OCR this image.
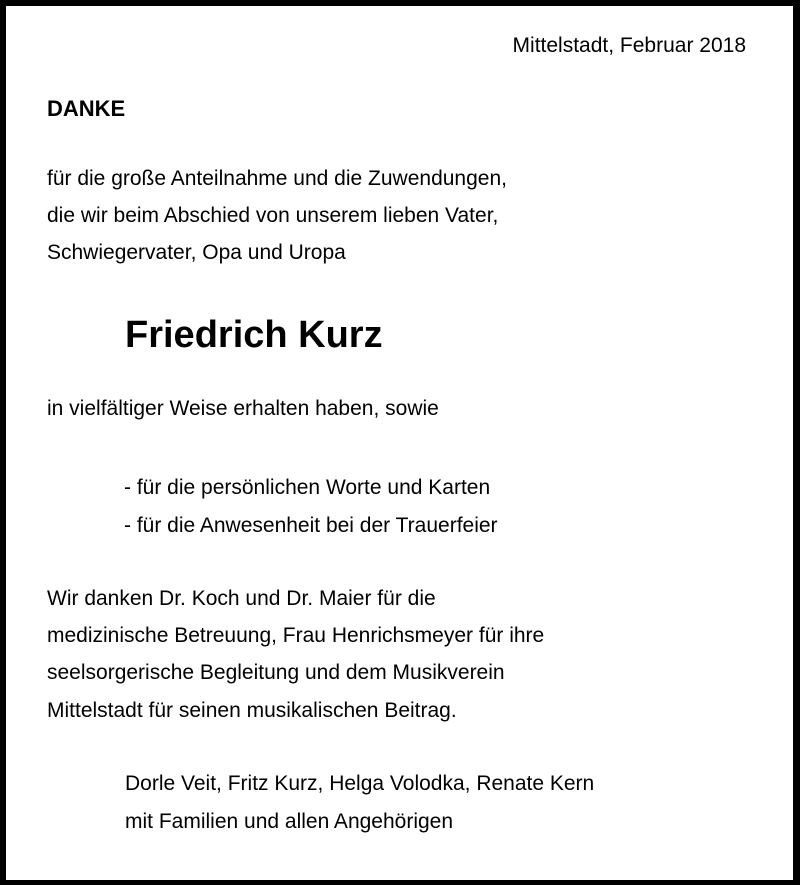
Mittelstadt, Februar 2018
DANKE
für die große Anteilnahme und die Zuwendungen,
die wir beim Abschied von unserem lieben Vater,
Schwiegervater, Opa und Uropa
Friedrich Kurz
in vielfältiger Weise erhalten haben, sowie
- für die persönlichen Worte und Karten
- für die Anwesenheit bei der Trauerfeier
Wir danken Dr. Koch und Dr. Maier für die
medizinische Betreuung, Frau Henrichsmeyer für ihre
seelsorgerische Begleitung und dem Musikverein
Mittelstadt für seinen musikalischen Beitrag.
Dorle Veit, Fritz Kurz, Helga Volodka, Renate Kern
mit Familien und allen Angehörigen
